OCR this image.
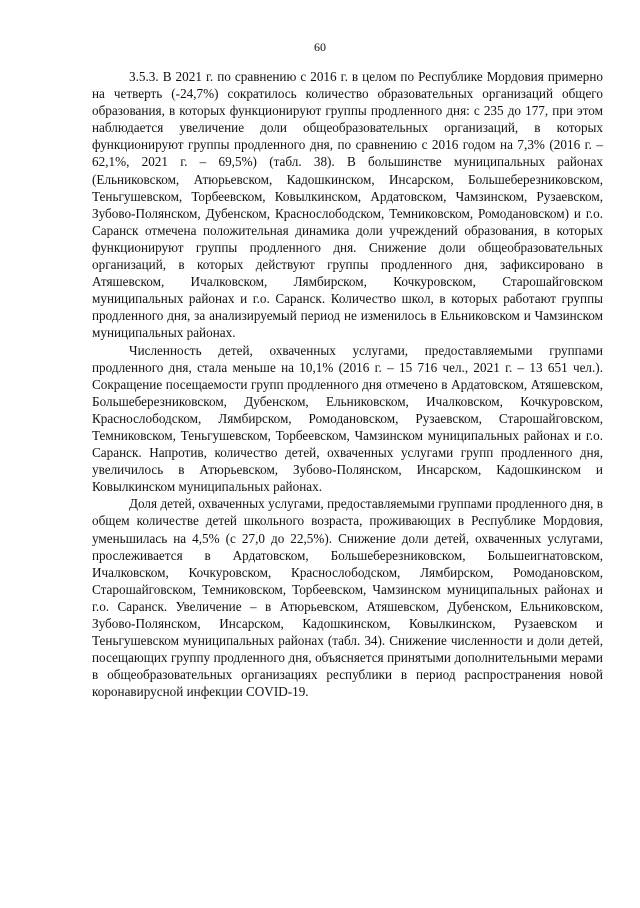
60

3.5.3. В 2021 г. по сравнению с 2016 г. в целом по Республике Мордовия примерно на четверть (-24,7%) сократилось количество образовательных организаций общего образования, в которых функционируют группы продленного дня: с 235 до 177, при этом наблюдается увеличение доли общеобразовательных организаций, в которых функционируют группы продленного дня, по сравнению с 2016 годом на 7,3% (2016 г. – 62,1%, 2021 г. – 69,5%) (табл. 38). В большинстве муниципальных районах (Ельниковском, Атюрьевском, Кадошкинском, Инсарском, Большеберезниковском, Теньгушевском, Торбеевском, Ковылкинском, Ардатовском, Чамзинском, Рузаевском, Зубово-Полянском, Дубенском, Краснослободском, Темниковском, Ромодановском) и г.о. Саранск отмечена положительная динамика доли учреждений образования, в которых функционируют группы продленного дня. Снижение доли общеобразовательных организаций, в которых действуют группы продленного дня, зафиксировано в Атяшевском, Ичалковском, Лямбирском, Кочкуровском, Старошайговском муниципальных районах и г.о. Саранск. Количество школ, в которых работают группы продленного дня, за анализируемый период не изменилось в Ельниковском и Чамзинском муниципальных районах.

Численность детей, охваченных услугами, предоставляемыми группами продленного дня, стала меньше на 10,1% (2016 г. – 15 716 чел., 2021 г. – 13 651 чел.). Сокращение посещаемости групп продленного дня отмечено в Ардатовском, Атяшевском, Большеберезниковском, Дубенском, Ельниковском, Ичалковском, Кочкуровском, Краснослободском, Лямбирском, Ромодановском, Рузаевском, Старошайговском, Темниковском, Теньгушевском, Торбеевском, Чамзинском муниципальных районах и г.о. Саранск. Напротив, количество детей, охваченных услугами групп продленного дня, увеличилось в Атюрьевском, Зубово-Полянском, Инсарском, Кадошкинском и Ковылкинском муниципальных районах.

Доля детей, охваченных услугами, предоставляемыми группами продленного дня, в общем количестве детей школьного возраста, проживающих в Республике Мордовия, уменьшилась на 4,5% (с 27,0 до 22,5%). Снижение доли детей, охваченных услугами, прослеживается в Ардатовском, Большеберезниковском, Большеигнатовском, Ичалковском, Кочкуровском, Краснослободском, Лямбирском, Ромодановском, Старошайговском, Темниковском, Торбеевском, Чамзинском муниципальных районах и г.о. Саранск. Увеличение – в Атюрьевском, Атяшевском, Дубенском, Ельниковском, Зубово-Полянском, Инсарском, Кадошкинском, Ковылкинском, Рузаевском и Теньгушевском муниципальных районах (табл. 34). Снижение численности и доли детей, посещающих группу продленного дня, объясняется принятыми дополнительными мерами в общеобразовательных организациях республики в период распространения новой коронавирусной инфекции COVID-19.
